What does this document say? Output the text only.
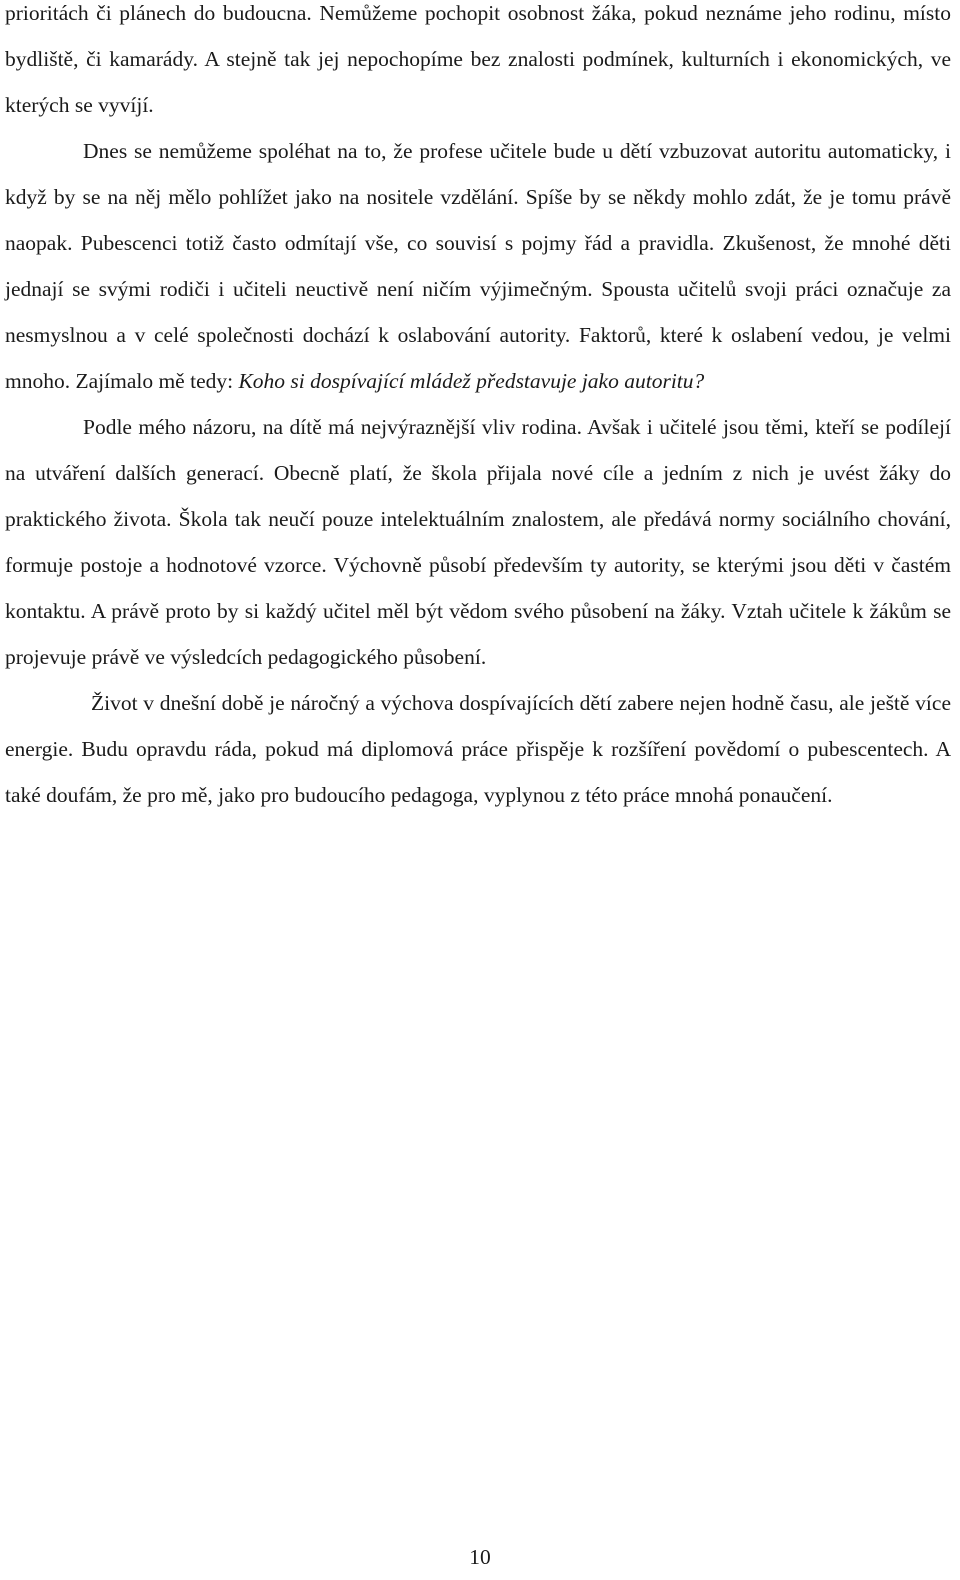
prioritách či plánech do budoucna. Nemůžeme pochopit osobnost žáka, pokud neznáme jeho rodinu, místo bydliště, či kamarády. A stejně tak jej nepochopíme bez znalosti podmínek, kulturních i ekonomických, ve kterých se vyvíjí.

Dnes se nemůžeme spoléhat na to, že profese učitele bude u dětí vzbuzovat autoritu automaticky, i když by se na něj mělo pohlížet jako na nositele vzdělání. Spíše by se někdy mohlo zdát, že je tomu právě naopak. Pubescenci totiž často odmítají vše, co souvisí s pojmy řád a pravidla. Zkušenost, že mnohé děti jednají se svými rodiči i učiteli neuctivě není ničím výjimečným. Spousta učitelů svoji práci označuje za nesmyslnou a v celé společnosti dochází k oslabování autority. Faktorů, které k oslabení vedou, je velmi mnoho. Zajímalo mě tedy: Koho si dospívající mládež představuje jako autoritu?

Podle mého názoru, na dítě má nejvýraznější vliv rodina. Avšak i učitelé jsou těmi, kteří se podílejí na utváření dalších generací. Obecně platí, že škola přijala nové cíle a jedním z nich je uvést žáky do praktického života. Škola tak neučí pouze intelektuálním znalostem, ale předává normy sociálního chování, formuje postoje a hodnotové vzorce. Výchovně působí především ty autority, se kterými jsou děti v častém kontaktu. A právě proto by si každý učitel měl být vědom svého působení na žáky. Vztah učitele k žákům se projevuje právě ve výsledcích pedagogického působení.

Život v dnešní době je náročný a výchova dospívajících dětí zabere nejen hodně času, ale ještě více energie. Budu opravdu ráda, pokud má diplomová práce přispěje k rozšíření povědomí o pubescentech. A také doufám, že pro mě, jako pro budoucího pedagoga, vyplynou z této práce mnohá ponaučení.

10
